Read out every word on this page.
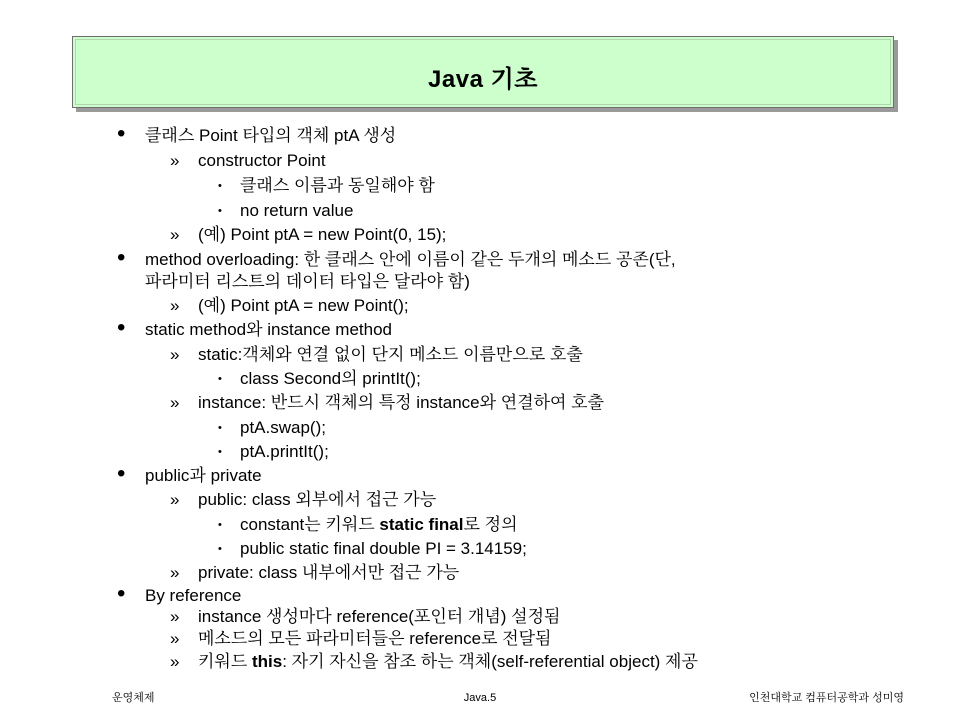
Java 기초
• 클래스 Point 타입의 객체 ptA 생성
» constructor Point
• 클래스 이름과 동일해야 함
• no return value
» (예) Point ptA = new Point(0, 15);
• method overloading: 한 클래스 안에 이름이 같은 두개의 메소드 공존(단,
파라미터 리스트의 데이터 타입은 달라야 함)
» (예) Point ptA = new Point();
• static method와 instance method
» static:객체와 연결 없이 단지 메소드 이름만으로 호출
• class Second의 printIt();
» instance: 반드시 객체의 특정 instance와 연결하여 호출
• ptA.swap();
• ptA.printIt();
• public과 private
» public: class 외부에서 접근 가능
• constant는 키워드 static final로 정의
• public static final double PI = 3.14159;
» private: class 내부에서만 접근 가능
• By reference
» instance 생성마다 reference(포인터 개념) 설정됨
» 메소드의 모든 파라미터들은 reference로 전달됨
» 키워드 this: 자기 자신을 참조 하는 객체(self-referential object) 제공
운영체제	Java.5	인천대학교 컴퓨터공학과 성미영
